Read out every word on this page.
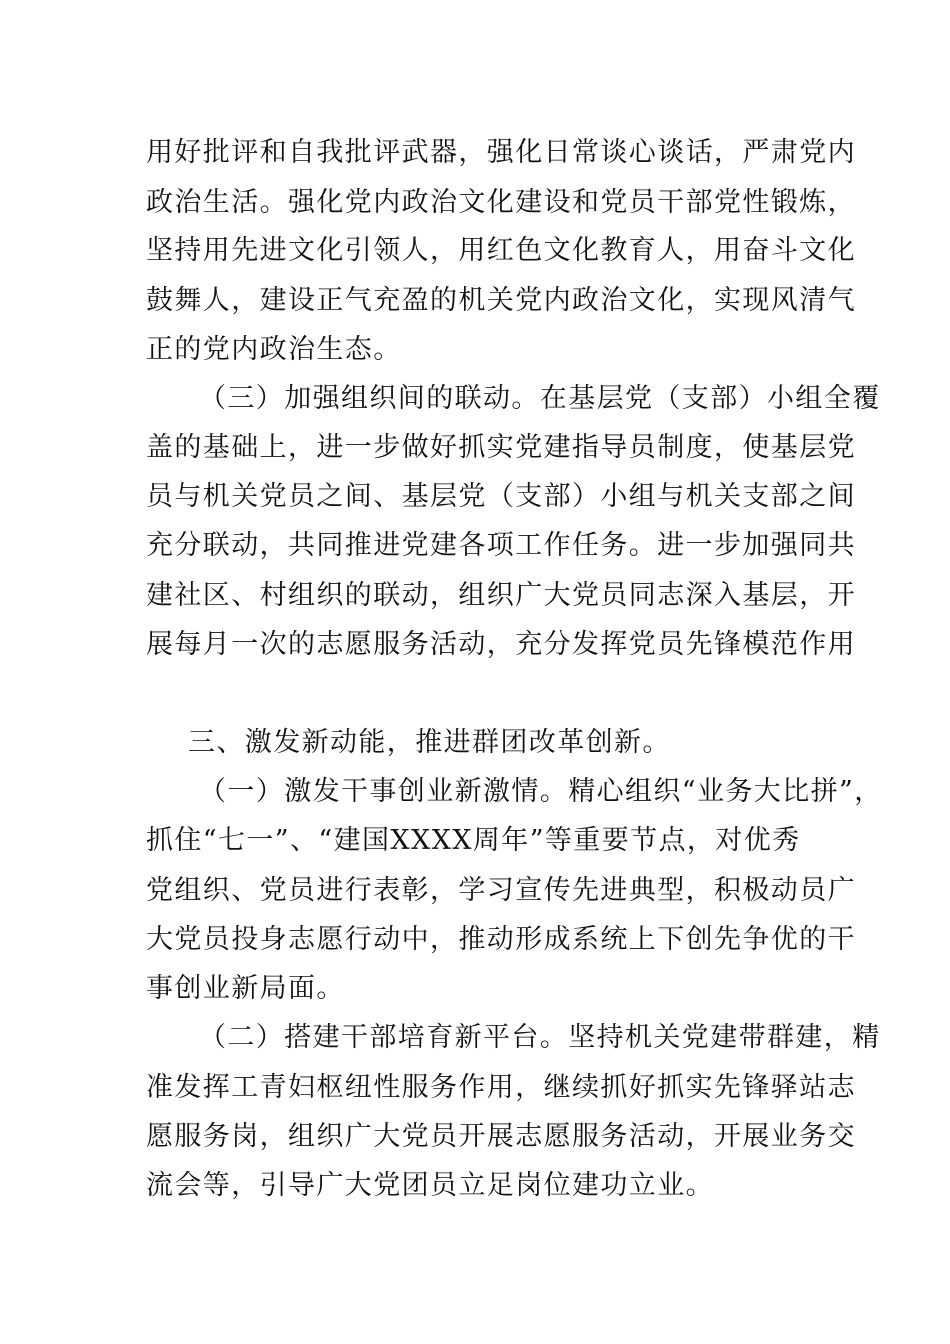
用好批评和自我批评武器，强化日常谈心谈话，严肃党内

政治生活。强化党内政治文化建设和党员干部党性锻炼，

坚持用先进文化引领人，用红色文化教育人，用奋斗文化

鼓舞人，建设正气充盈的机关党内政治文化，实现风清气

正的党内政治生态。

（三）加强组织间的联动。在基层党（支部）小组全覆

盖的基础上，进一步做好抓实党建指导员制度，使基层党

员与机关党员之间、基层党（支部）小组与机关支部之间

充分联动，共同推进党建各项工作任务。进一步加强同共

建社区、村组织的联动，组织广大党员同志深入基层，开

展每月一次的志愿服务活动，充分发挥党员先锋模范作用

三、激发新动能，推进群团改革创新。

（一）激发干事创业新激情。精心组织“业务大比拼”，

抓住“七一”、“建国XXXX周年”等重要节点，对优秀

党组织、党员进行表彰，学习宣传先进典型，积极动员广

大党员投身志愿行动中，推动形成系统上下创先争优的干

事创业新局面。

（二）搭建干部培育新平台。坚持机关党建带群建，精

准发挥工青妇枢纽性服务作用，继续抓好抓实先锋驿站志

愿服务岗，组织广大党员开展志愿服务活动，开展业务交

流会等，引导广大党团员立足岗位建功立业。
